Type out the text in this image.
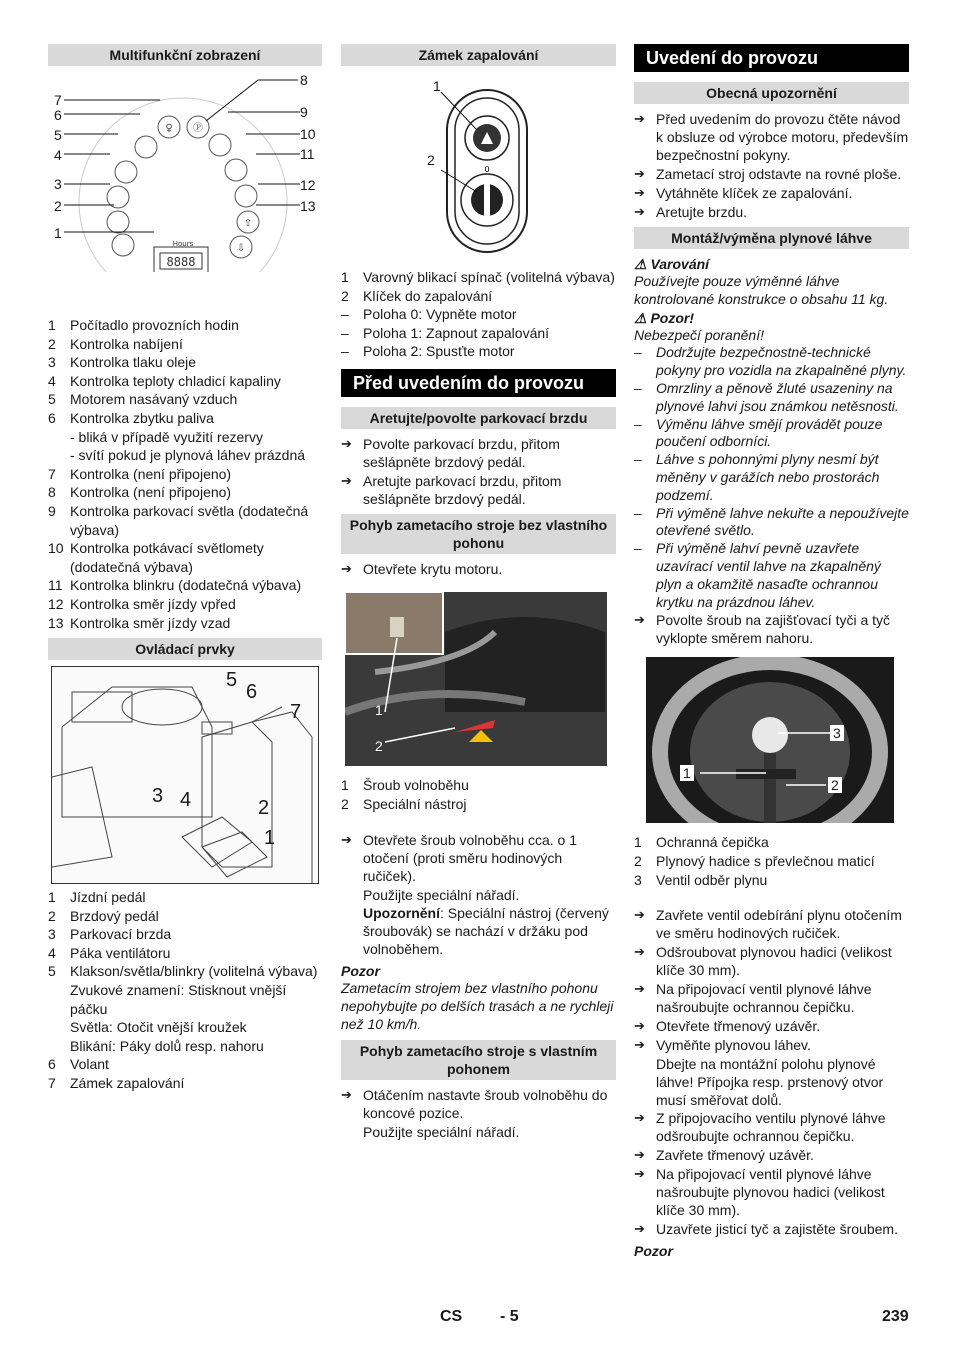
Multifunkční zobrazení
♀ Ⓟ
⇩
⇧
Hours
8888
7
6
5
4
3
2
1
8
9
10
11
12
13
1	Počítadlo provozních hodin
2	Kontrolka nabíjení
3	Kontrolka tlaku oleje
4	Kontrolka teploty chladicí kapaliny
5	Motorem nasávaný vzduch
6	Kontrolka zbytku paliva
- bliká v případě využití rezervy
- svítí pokud je plynová láhev prázdná
7	Kontrolka (není připojeno)
8	Kontrolka (není připojeno)
9	Kontrolka parkovací světla (dodatečná výbava)
10 Kontrolka potkávací světlomety (dodatečná výbava)
11 Kontrolka blinkru (dodatečná výbava)
12 Kontrolka směr jízdy vpřed
13 Kontrolka směr jízdy vzad
Ovládací prvky
5
6
7
3 4	2
1
1	Jízdní pedál
2	Brzdový pedál
3	Parkovací brzda
4	Páka ventilátoru
5	Klakson/světla/blinkry (volitelná výbava)
Zvukové znamení: Stisknout vnější páčku
Světla: Otočit vnější kroužek
Blikání: Páky dolů resp. nahoru
6	Volant
7	Zámek zapalování
Zámek zapalování
0
1
2
1	Varovný blikací spínač (volitelná výbava)
2	Klíček do zapalování
–	Poloha 0: Vypněte motor
–	Poloha 1: Zapnout zapalování
–	Poloha 2: Spusťte motor
Před uvedením do provozu
Aretujte/povolte parkovací brzdu
➔ Povolte parkovací brzdu, přitom sešlápněte brzdový pedál.
➔ Aretujte parkovací brzdu, přitom sešlápněte brzdový pedál.
Pohyb zametacího stroje bez vlastního pohonu
➔ Otevřete krytu motoru.
1
2
1	Šroub volnoběhu
2	Speciální nástroj
➔ Otevřete šroub volnoběhu cca. o 1 otočení (proti směru hodinových ručiček).
Použijte speciální nářadí.
Upozornění: Speciální nástroj (červený šroubovák) se nachází v držáku pod volnoběhem.
Pozor
Zametacím strojem bez vlastního pohonu nepohybujte po delších trasách a ne rychleji než 10 km/h.
Pohyb zametacího stroje s vlastním pohonem
➔ Otáčením nastavte šroub volnoběhu do koncové pozice.
Použijte speciální nářadí.
Uvedení do provozu
Obecná upozornění
➔ Před uvedením do provozu čtěte návod k obsluze od výrobce motoru, především bezpečnostní pokyny.
➔ Zametací stroj odstavte na rovné ploše.
➔ Vytáhněte klíček ze zapalování.
➔ Aretujte brzdu.
Montáž/výměna plynové láhve
⚠ Varování
Používejte pouze výměnné láhve kontrolované konstrukce o obsahu 11 kg.
⚠ Pozor!
Nebezpečí poranění!
–	Dodržujte bezpečnostně-technické pokyny pro vozidla na zkapalněné plyny.
–	Omrzliny a pěnově žluté usazeniny na plynové lahvi jsou známkou netěsnosti.
–	Výměnu láhve smějí provádět pouze poučení odborníci.
–	Láhve s pohonnými plyny nesmí být měněny v garážích nebo prostorách podzemí.
–	Při výměně lahve nekuřte a nepoužívejte otevřené světlo.
–	Při výměně lahví pevně uzavřete uzavírací ventil lahve na zkapalněný plyn a okamžitě nasaďte ochrannou krytku na prázdnou láhev.
➔ Povolte šroub na zajišťovací tyči a tyč vyklopte směrem nahoru.
3
1
2
1	Ochranná čepička
2	Plynový hadice s převlečnou maticí
3	Ventil odběr plynu
➔ Zavřete ventil odebírání plynu otočením ve směru hodinových ručiček.
➔ Odšroubovat plynovou hadici (velikost klíče 30 mm).
➔ Na připojovací ventil plynové láhve našroubujte ochrannou čepičku.
➔ Otevřete třmenový uzávěr.
➔ Vyměňte plynovou láhev.
Dbejte na montážní polohu plynové láhve! Přípojka resp. prstenový otvor musí směřovat dolů.
➔ Z připojovacího ventilu plynové láhve odšroubujte ochrannou čepičku.
➔ Zavřete třmenový uzávěr.
➔ Na připojovací ventil plynové láhve našroubujte plynovou hadici (velikost klíče 30 mm).
➔ Uzavřete jisticí tyč a zajistěte šroubem.
Pozor
CS - 5	239
